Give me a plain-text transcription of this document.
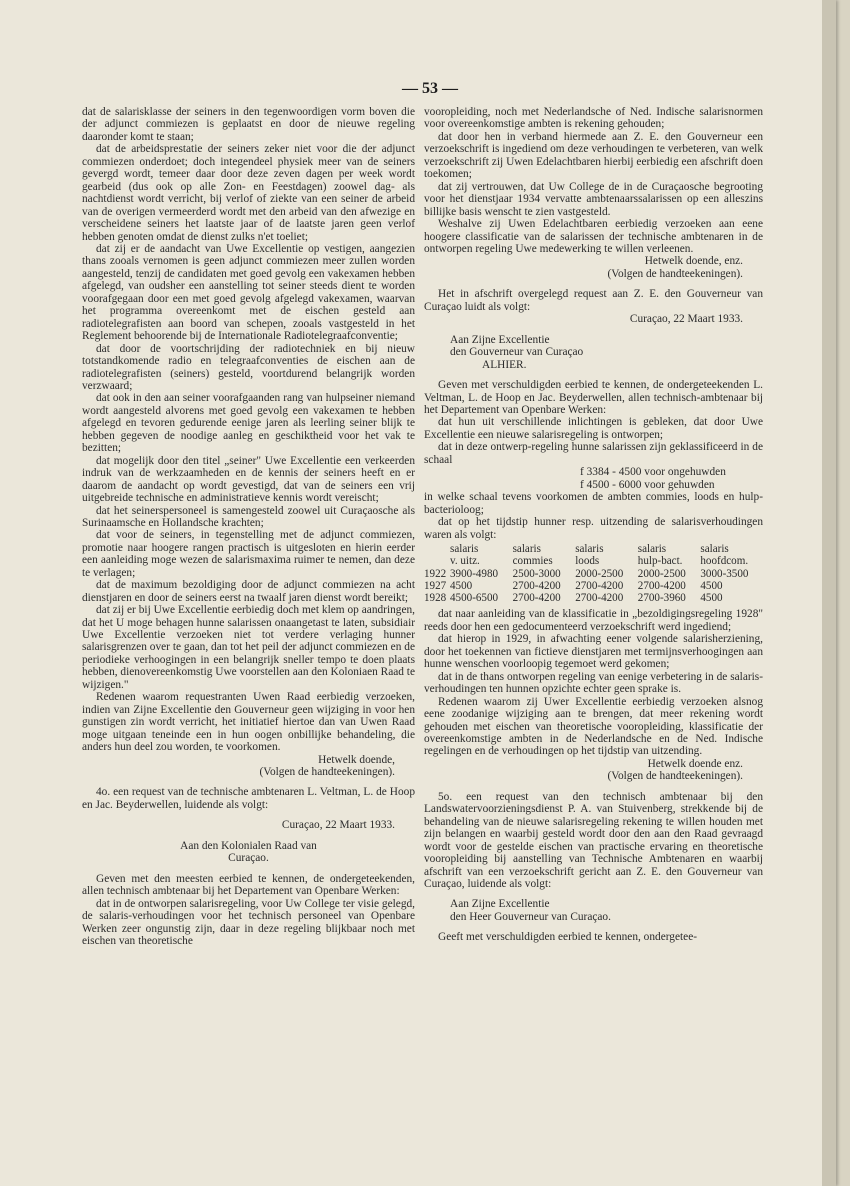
— 53 —

dat de salarisklasse der seiners in den tegenwoordigen vorm boven die der adjunct commiezen is geplaatst en door de nieuwe regeling daaronder komt te staan;

dat de arbeidsprestatie der seiners zeker niet voor die der adjunct commiezen onderdoet; doch integendeel physiek meer van de seiners gevergd wordt, temeer daar door deze zeven dagen per week wordt gearbeid (dus ook op alle Zon- en Feestdagen) zoowel dag- als nachtdienst wordt verricht, bij verlof of ziekte van een seiner de arbeid van de overigen vermeerderd wordt met den arbeid van den afwezige en verscheidene seiners het laatste jaar of de laatste jaren geen verlof hebben genoten omdat de dienst zulks n'et toeliet;

dat zij er de aandacht van Uwe Excellentie op vestigen, aangezien thans zooals vernomen is geen adjunct commiezen meer zullen worden aangesteld, tenzij de candidaten met goed gevolg een vakexamen hebben afgelegd, van oudsher een aanstelling tot seiner steeds dient te worden voorafgegaan door een met goed gevolg afgelegd vakexamen, waarvan het programma overeenkomt met de eischen gesteld aan radiotelegrafisten aan boord van schepen, zooals vastgesteld in het Reglement behoorende bij de Internationale Radiotelegraafconventie;

dat door de voortschrijding der radiotechniek en bij nieuw totstandkomende radio en telegraafconventies de eischen aan de radiotelegrafisten (seiners) gesteld, voortdurend belangrijk worden verzwaard;

dat ook in den aan seiner voorafgaanden rang van hulpseiner niemand wordt aangesteld alvorens met goed gevolg een vakexamen te hebben afgelegd en tevoren gedurende eenige jaren als leerling seiner blijk te hebben gegeven de noodige aanleg en geschiktheid voor het vak te bezitten;

dat mogelijk door den titel „seiner" Uwe Excellentie een verkeerden indruk van de werkzaamheden en de kennis der seiners heeft en er daarom de aandacht op wordt gevestigd, dat van de seiners een vrij uitgebreide technische en administratieve kennis wordt vereischt;

dat het seinerspersoneel is samengesteld zoowel uit Curaçaosche als Surinaamsche en Hollandsche krachten;

dat voor de seiners, in tegenstelling met de adjunct commiezen, promotie naar hoogere rangen practisch is uitgesloten en hierin eerder een aanleiding moge wezen de salarismaxima ruimer te nemen, dan deze te verlagen;

dat de maximum bezoldiging door de adjunct commiezen na acht dienstjaren en door de seiners eerst na twaalf jaren dienst wordt bereikt;

dat zij er bij Uwe Excellentie eerbiedig doch met klem op aandringen, dat het U moge behagen hunne salarissen onaangetast te laten, subsidiair Uwe Excellentie verzoeken niet tot verdere verlaging hunner salarisgrenzen over te gaan, dan tot het peil der adjunct commiezen en de periodieke verhoogingen in een belangrijk sneller tempo te doen plaats hebben, dienovereenkomstig Uwe voorstellen aan den Koloniaen Raad te wijzigen."

Redenen waarom requestranten Uwen Raad eerbiedig verzoeken, indien van Zijne Excellentie den Gouverneur geen wijziging in voor hen gunstigen zin wordt verricht, het initiatief hiertoe dan van Uwen Raad moge uitgaan teneinde een in hun oogen onbillijke behandeling, die anders hun deel zou worden, te voorkomen.

Hetwelk doende,

(Volgen de handteekeningen).

4o. een request van de technische ambtenaren L. Veltman, L. de Hoop en Jac. Beyderwellen, luidende als volgt:

Curaçao, 22 Maart 1933.

Aan den Kolonialen Raad van

Curaçao.

Geven met den meesten eerbied te kennen, de ondergeteekenden, allen technisch ambtenaar bij het Departement van Openbare Werken:

dat in de ontworpen salarisregeling, voor Uw College ter visie gelegd, de salaris-verhoudingen voor het technisch personeel van Openbare Werken zeer ongunstig zijn, daar in deze regeling blijkbaar noch met eischen van theoretische

vooropleiding, noch met Nederlandsche of Ned. Indische salarisnormen voor overeenkomstige ambten is rekening gehouden;

dat door hen in verband hiermede aan Z. E. den Gouverneur een verzoekschrift is ingediend om deze verhoudingen te verbeteren, van welk verzoekschrift zij Uwen Edelachtbaren hierbij eerbiedig een afschrift doen toekomen;

dat zij vertrouwen, dat Uw College de in de Curaçaosche begrooting voor het dienstjaar 1934 vervatte ambtenaarssalarissen op een alleszins billijke basis wenscht te zien vastgesteld.

Weshalve zij Uwen Edelachtbaren eerbiedig verzoeken aan eene hoogere classificatie van de salarissen der technische ambtenaren in de ontworpen regeling Uwe medewerking te willen verleenen.

Hetwelk doende, enz.

(Volgen de handteekeningen).

Het in afschrift overgelegd request aan Z. E. den Gouverneur van Curaçao luidt als volgt:

Curaçao, 22 Maart 1933.

Aan Zijne Excellentie

den Gouverneur van Curaçao

ALHIER.

Geven met verschuldigden eerbied te kennen, de ondergeteekenden L. Veltman, L. de Hoop en Jac. Beyderwellen, allen technisch-ambtenaar bij het Departement van Openbare Werken:

dat hun uit verschillende inlichtingen is gebleken, dat door Uwe Excellentie een nieuwe salarisregeling is ontworpen;

dat in deze ontwerp-regeling hunne salarissen zijn geklassificeerd in de schaal

f 3384 - 4500 voor ongehuwden

f 4500 - 6000 voor gehuwden

in welke schaal tevens voorkomen de ambten commies, loods en hulp-bacterioloog;

dat op het tijdstip hunner resp. uitzending de salarisverhoudingen waren als volgt:

	salaris	salaris	salaris	salaris	salaris
	v. uitz.	commies	loods	hulp-bact.	hoofdcom.
1922	3900-4980	2500-3000	2000-2500	2000-2500	3000-3500
1927	4500	2700-4200	2700-4200	2700-4200	4500
1928	4500-6500	2700-4200	2700-4200	2700-3960	4500

dat naar aanleiding van de klassificatie in „bezoldigingsregeling 1928" reeds door hen een gedocumenteerd verzoekschrift werd ingediend;

dat hierop in 1929, in afwachting eener volgende salarisherziening, door het toekennen van fictieve dienstjaren met termijnsverhoogingen aan hunne wenschen voorloopig tegemoet werd gekomen;

dat in de thans ontworpen regeling van eenige verbetering in de salaris-verhoudingen ten hunnen opzichte echter geen sprake is.

Redenen waarom zij Uwer Excellentie eerbiedig verzoeken alsnog eene zoodanige wijziging aan te brengen, dat meer rekening wordt gehouden met eischen van theoretische vooropleiding, klassificatie der overeenkomstige ambten in de Nederlandsche en de Ned. Indische regelingen en de verhoudingen op het tijdstip van uitzending.

Hetwelk doende enz.

(Volgen de handteekeningen).

5o. een request van den technisch ambtenaar bij den Landswatervoorzieningsdienst P. A. van Stuivenberg, strekkende bij de behandeling van de nieuwe salarisregeling rekening te willen houden met zijn belangen en waarbij gesteld wordt door den aan den Raad gevraagd wordt voor de gestelde eischen van practische ervaring en theoretische vooropleiding bij aanstelling van Technische Ambtenaren en waarbij afschrift van een verzoekschrift gericht aan Z. E. den Gouverneur van Curaçao, luidende als volgt:

Aan Zijne Excellentie

den Heer Gouverneur van Curaçao.

Geeft met verschuldigden eerbied te kennen, ondergetee-
